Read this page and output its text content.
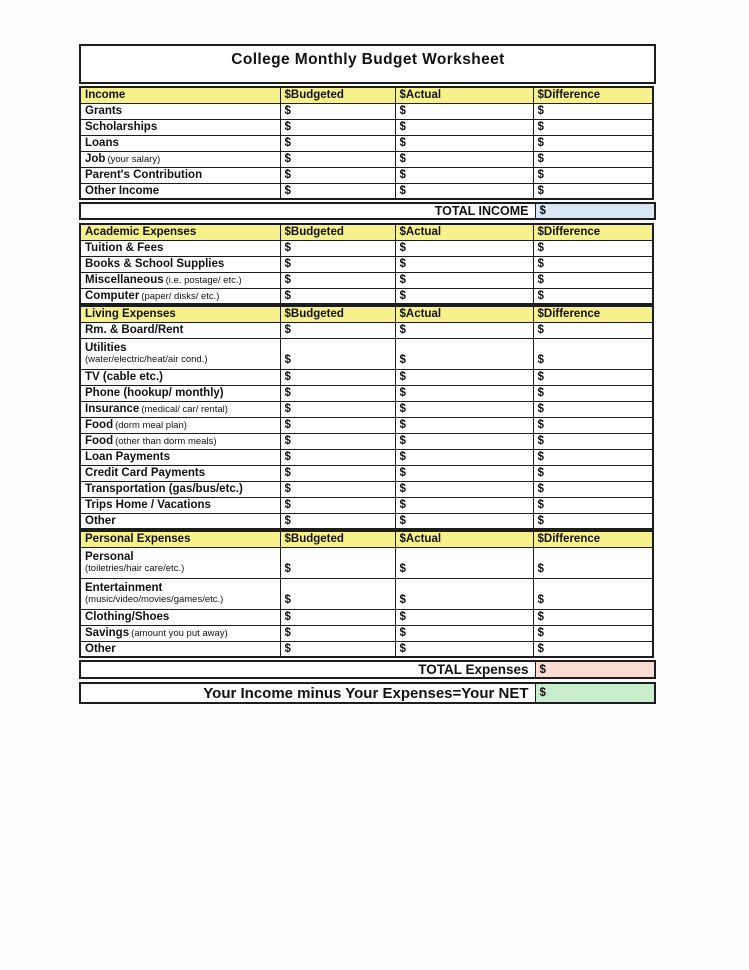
College Monthly Budget Worksheet
Income	$Budgeted	$Actual	$Difference
Grants	$	$	$
Scholarships	$	$	$
Loans	$	$	$
Job (your salary)	$	$	$
Parent's Contribution	$	$	$
Other Income	$	$	$
TOTAL INCOME	$
Academic Expenses	$Budgeted	$Actual	$Difference
Tuition & Fees	$	$	$
Books & School Supplies	$	$	$
Miscellaneous (i.e. postage/ etc.)	$	$	$
Computer (paper/ disks/ etc.)	$	$	$
Living Expenses	$Budgeted	$Actual	$Difference
Rm. & Board/Rent	$	$	$
Utilities
(water/electric/heat/air cond.)	$	$	$
TV (cable etc.)	$	$	$
Phone (hookup/ monthly)	$	$	$
Insurance (medical/ car/ rental)	$	$	$
Food (dorm meal plan)	$	$	$
Food (other than dorm meals)	$	$	$
Loan Payments	$	$	$
Credit Card Payments	$	$	$
Transportation (gas/bus/etc.)	$	$	$
Trips Home / Vacations	$	$	$
Other	$	$	$
Personal Expenses	$Budgeted	$Actual	$Difference
Personal
(toiletries/hair care/etc.)	$	$	$
Entertainment
(music/video/movies/games/etc.)	$	$	$
Clothing/Shoes	$	$	$
Savings (amount you put away)	$	$	$
Other	$	$	$
TOTAL Expenses	$
Your Income minus Your Expenses=Your NET	$
